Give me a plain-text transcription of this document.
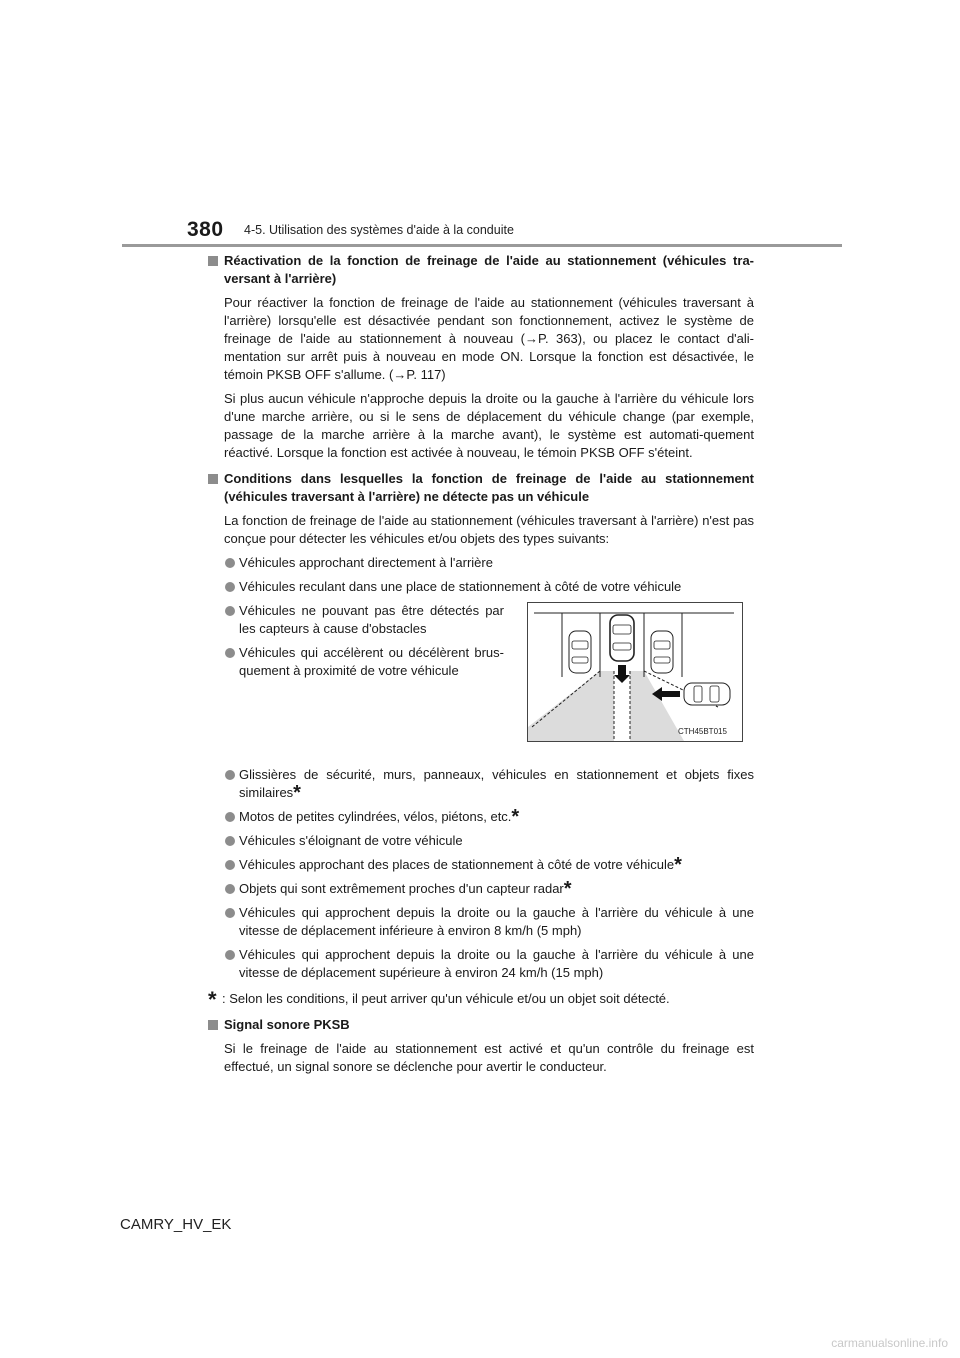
380 4-5. Utilisation des systèmes d'aide à la conduite
Réactivation de la fonction de freinage de l'aide au stationnement (véhicules tra-versant à l'arrière)
Pour réactiver la fonction de freinage de l'aide au stationnement (véhicules traversant à l'arrière) lorsqu'elle est désactivée pendant son fonctionnement, activez le système de freinage de l'aide au stationnement à nouveau (→P. 363), ou placez le contact d'ali-mentation sur arrêt puis à nouveau en mode ON. Lorsque la fonction est désactivée, le témoin PKSB OFF s'allume. (→P. 117)
Si plus aucun véhicule n'approche depuis la droite ou la gauche à l'arrière du véhicule lors d'une marche arrière, ou si le sens de déplacement du véhicule change (par exemple, passage de la marche arrière à la marche avant), le système est automati-quement réactivé. Lorsque la fonction est activée à nouveau, le témoin PKSB OFF s'éteint.
Conditions dans lesquelles la fonction de freinage de l'aide au stationnement (véhicules traversant à l'arrière) ne détecte pas un véhicule
La fonction de freinage de l'aide au stationnement (véhicules traversant à l'arrière) n'est pas conçue pour détecter les véhicules et/ou objets des types suivants:
Véhicules approchant directement à l'arrière
Véhicules reculant dans une place de stationnement à côté de votre véhicule
Véhicules ne pouvant pas être détectés par les capteurs à cause d'obstacles
Véhicules qui accélèrent ou décélèrent brus-quement à proximité de votre véhicule
CTH45BT015
Glissières de sécurité, murs, panneaux, véhicules en stationnement et objets fixes similaires*
Motos de petites cylindrées, vélos, piétons, etc.*
Véhicules s'éloignant de votre véhicule
Véhicules approchant des places de stationnement à côté de votre véhicule*
Objets qui sont extrêmement proches d'un capteur radar*
Véhicules qui approchent depuis la droite ou la gauche à l'arrière du véhicule à une vitesse de déplacement inférieure à environ 8 km/h (5 mph)
Véhicules qui approchent depuis la droite ou la gauche à l'arrière du véhicule à une vitesse de déplacement supérieure à environ 24 km/h (15 mph)
* : Selon les conditions, il peut arriver qu'un véhicule et/ou un objet soit détecté.
Signal sonore PKSB
Si le freinage de l'aide au stationnement est activé et qu'un contrôle du freinage est effectué, un signal sonore se déclenche pour avertir le conducteur.
CAMRY_HV_EK
carmanualsonline.info
